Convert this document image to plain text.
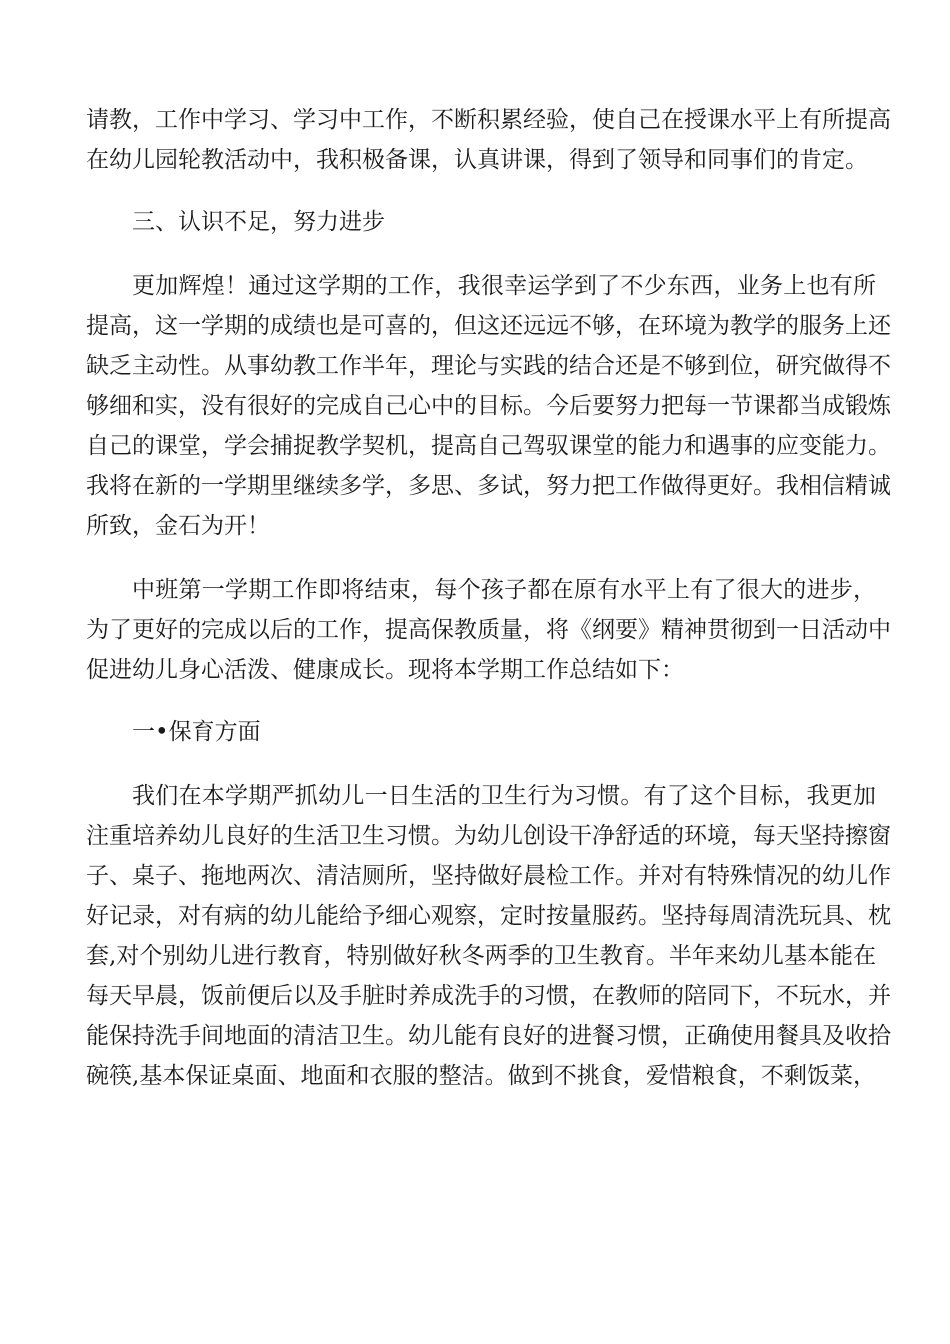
请教，工作中学习、学习中工作，不断积累经验，使自己在授课水平上有所提高
在幼儿园轮教活动中，我积极备课，认真讲课，得到了领导和同事们的肯定。
三、认识不足，努力进步
更加辉煌！通过这学期的工作，我很幸运学到了不少东西，业务上也有所
提高，这一学期的成绩也是可喜的，但这还远远不够，在环境为教学的服务上还
缺乏主动性。从事幼教工作半年，理论与实践的结合还是不够到位，研究做得不
够细和实，没有很好的完成自己心中的目标。今后要努力把每一节课都当成锻炼
自己的课堂，学会捕捉教学契机，提高自己驾驭课堂的能力和遇事的应变能力。
我将在新的一学期里继续多学，多思、多试，努力把工作做得更好。我相信精诚
所致，金石为开！
中班第一学期工作即将结束，每个孩子都在原有水平上有了很大的进步，
为了更好的完成以后的工作，提高保教质量，将《纲要》精神贯彻到一日活动中
促进幼儿身心活泼、健康成长。现将本学期工作总结如下：
一•保育方面
我们在本学期严抓幼儿一日生活的卫生行为习惯。有了这个目标，我更加
注重培养幼儿良好的生活卫生习惯。为幼儿创设干净舒适的环境，每天坚持擦窗
子、桌子、拖地两次、清洁厕所，坚持做好晨检工作。并对有特殊情况的幼儿作
好记录，对有病的幼儿能给予细心观察，定时按量服药。坚持每周清洗玩具、枕
套,对个别幼儿进行教育，特别做好秋冬两季的卫生教育。半年来幼儿基本能在
每天早晨，饭前便后以及手脏时养成洗手的习惯，在教师的陪同下，不玩水，并
能保持洗手间地面的清洁卫生。幼儿能有良好的进餐习惯，正确使用餐具及收拾
碗筷,基本保证桌面、地面和衣服的整洁。做到不挑食，爱惜粮食，不剩饭菜，
